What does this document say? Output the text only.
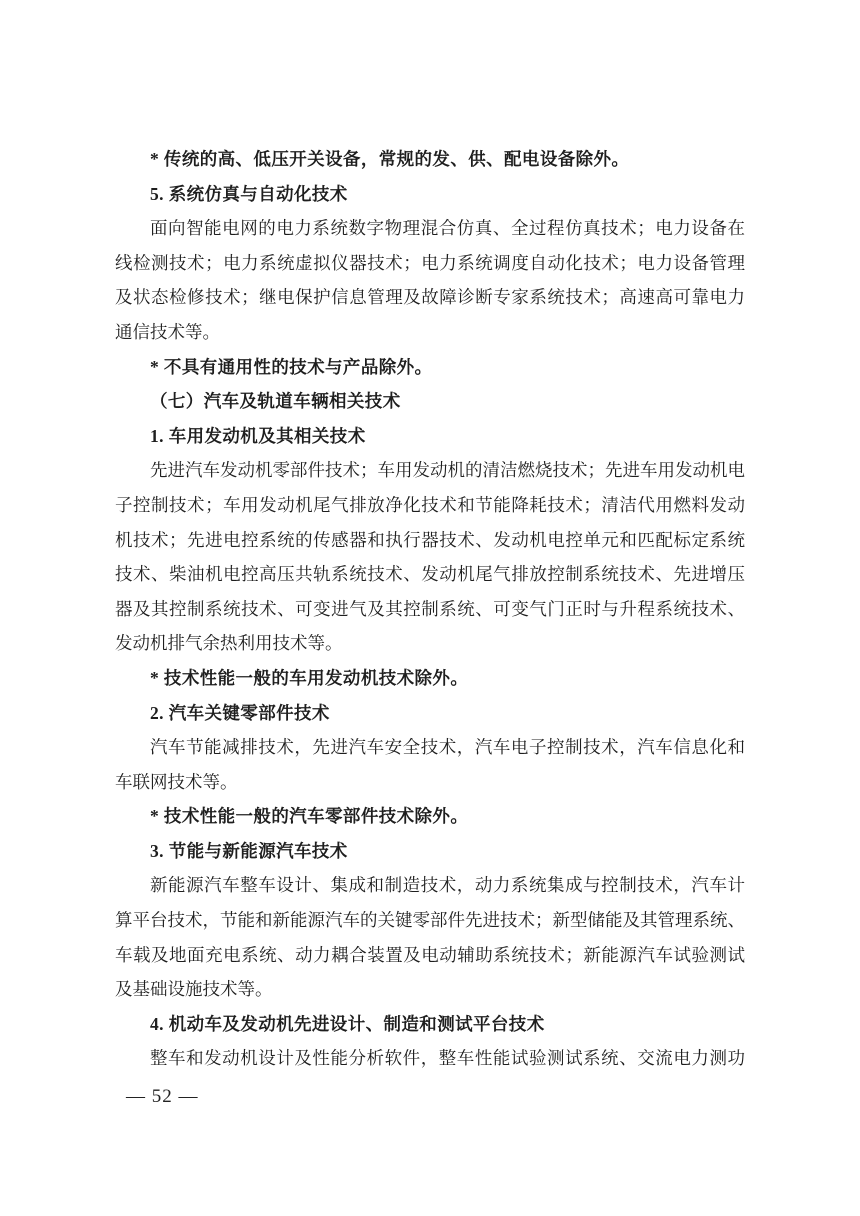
* 传统的高、低压开关设备，常规的发、供、配电设备除外。
5. 系统仿真与自动化技术
面向智能电网的电力系统数字物理混合仿真、全过程仿真技术；电力设备在
线检测技术；电力系统虚拟仪器技术；电力系统调度自动化技术；电力设备管理
及状态检修技术；继电保护信息管理及故障诊断专家系统技术；高速高可靠电力
通信技术等。
* 不具有通用性的技术与产品除外。
（七）汽车及轨道车辆相关技术
1. 车用发动机及其相关技术
先进汽车发动机零部件技术；车用发动机的清洁燃烧技术；先进车用发动机电
子控制技术；车用发动机尾气排放净化技术和节能降耗技术；清洁代用燃料发动
机技术；先进电控系统的传感器和执行器技术、发动机电控单元和匹配标定系统
技术、柴油机电控高压共轨系统技术、发动机尾气排放控制系统技术、先进增压
器及其控制系统技术、可变进气及其控制系统、可变气门正时与升程系统技术、
发动机排气余热利用技术等。
* 技术性能一般的车用发动机技术除外。
2. 汽车关键零部件技术
汽车节能减排技术，先进汽车安全技术，汽车电子控制技术，汽车信息化和
车联网技术等。
* 技术性能一般的汽车零部件技术除外。
3. 节能与新能源汽车技术
新能源汽车整车设计、集成和制造技术，动力系统集成与控制技术，汽车计
算平台技术，节能和新能源汽车的关键零部件先进技术；新型储能及其管理系统、
车载及地面充电系统、动力耦合装置及电动辅助系统技术；新能源汽车试验测试
及基础设施技术等。
4. 机动车及发动机先进设计、制造和测试平台技术
整车和发动机设计及性能分析软件，整车性能试验测试系统、交流电力测功
— 52 —
